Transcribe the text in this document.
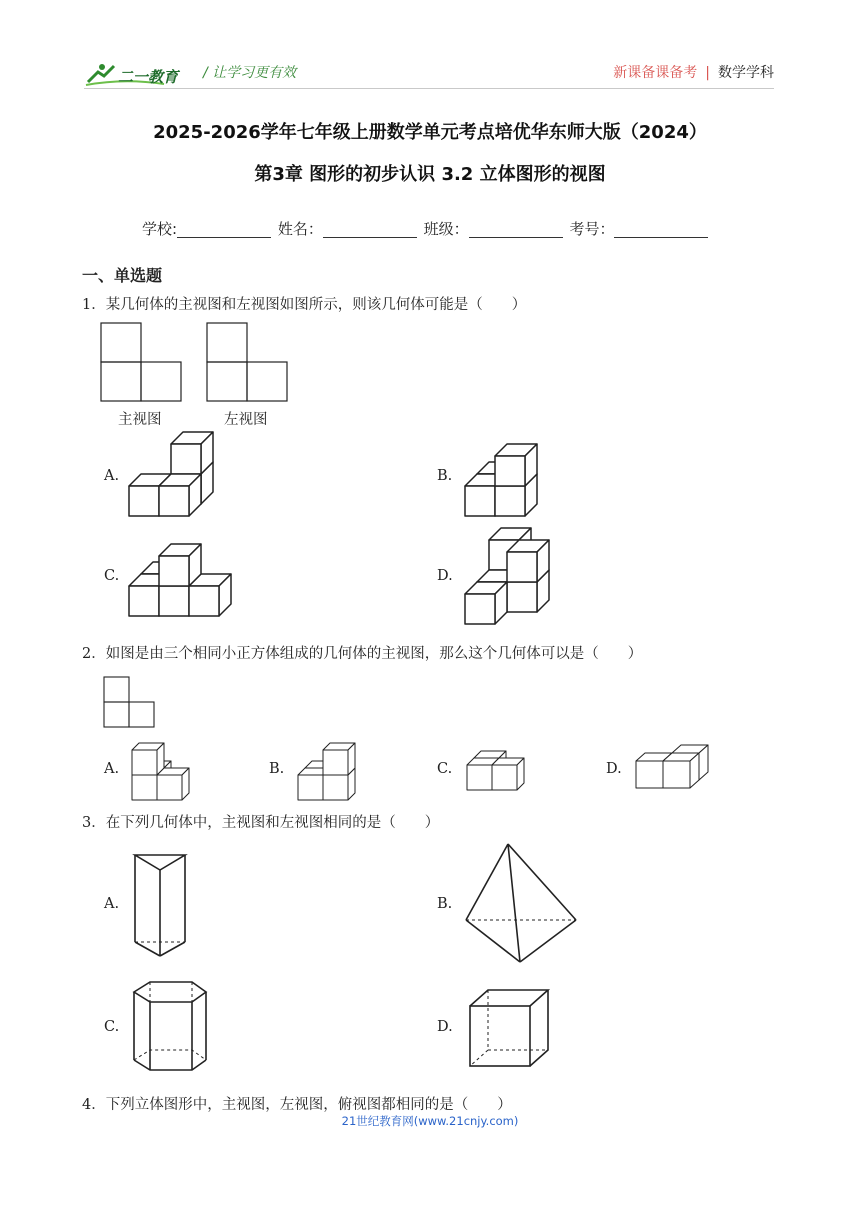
二一教育 / 让学习更有效	新课备课备考 | 数学学科
2025-2026学年七年级上册数学单元考点培优华东师大版（2024）
第3章 图形的初步认识 3.2 立体图形的视图
学校:	姓名：	班级：	考号：
一、单选题
1．某几何体的主视图和左视图如图所示，则该几何体可能是（　　）
主视图	左视图
A.	B.
C.	D.
2．如图是由三个相同小正方体组成的几何体的主视图，那么这个几何体可以是（　　）
A.	B.	C.	D.
3．在下列几何体中，主视图和左视图相同的是（　　）
A.	B.
C.	D.
4．下列立体图形中，主视图，左视图，俯视图都相同的是（　　）
21世纪教育网(www.21cnjy.com)
